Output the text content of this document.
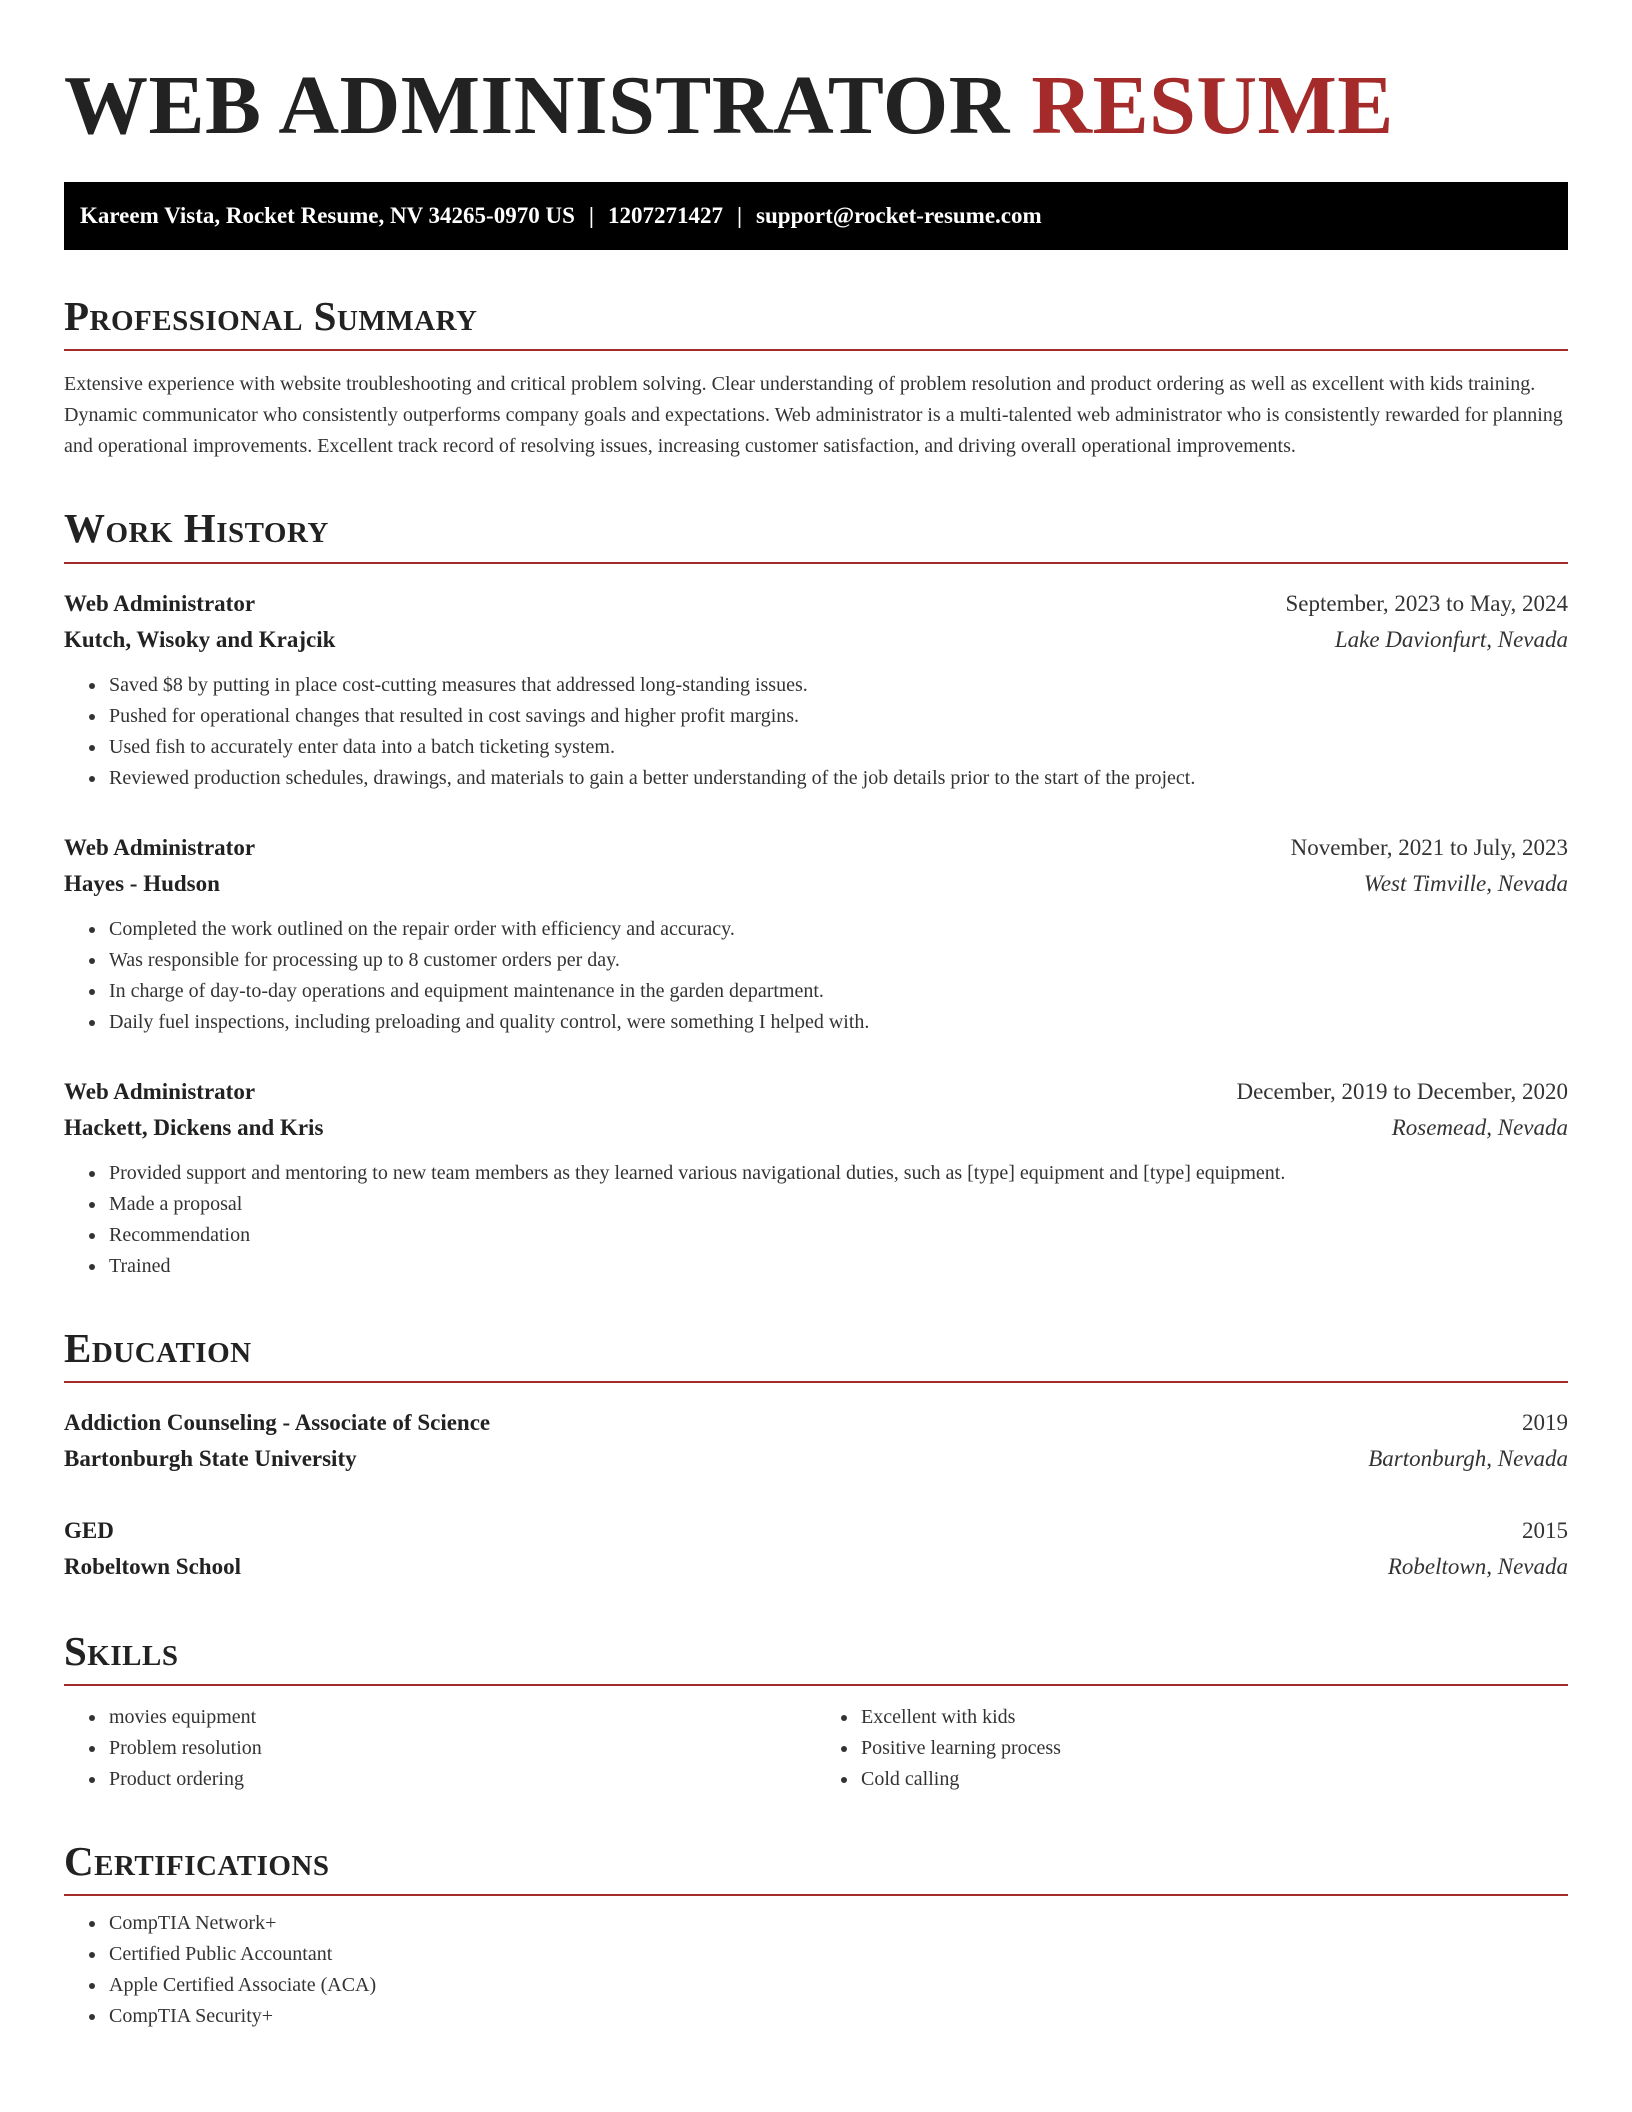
WEB ADMINISTRATOR RESUME
Kareem Vista, Rocket Resume, NV 34265-0970 US | 1207271427 | support@rocket-resume.com
Professional Summary

Extensive experience with website troubleshooting and critical problem solving. Clear understanding of problem resolution and product ordering as well as excellent with kids training. Dynamic communicator who consistently outperforms company goals and expectations. Web administrator is a multi-talented web administrator who is consistently rewarded for planning and operational improvements. Excellent track record of resolving issues, increasing customer satisfaction, and driving overall operational improvements.

Work History
Web Administrator	September, 2023 to May, 2024
Kutch, Wisoky and Krajcik	Lake Davionfurt, Nevada
• Saved $8 by putting in place cost-cutting measures that addressed long-standing issues.
• Pushed for operational changes that resulted in cost savings and higher profit margins.
• Used fish to accurately enter data into a batch ticketing system.
• Reviewed production schedules, drawings, and materials to gain a better understanding of the job details prior to the start of the project.
Web Administrator	November, 2021 to July, 2023
Hayes - Hudson	West Timville, Nevada
• Completed the work outlined on the repair order with efficiency and accuracy.
• Was responsible for processing up to 8 customer orders per day.
• In charge of day-to-day operations and equipment maintenance in the garden department.
• Daily fuel inspections, including preloading and quality control, were something I helped with.
Web Administrator	December, 2019 to December, 2020
Hackett, Dickens and Kris	Rosemead, Nevada
• Provided support and mentoring to new team members as they learned various navigational duties, such as [type] equipment and [type] equipment.
• Made a proposal
• Recommendation
• Trained
Education
Addiction Counseling - Associate of Science	2019
Bartonburgh State University	Bartonburgh, Nevada
GED	2015
Robeltown School	Robeltown, Nevada
Skills
• movies equipment
• Problem resolution
• Product ordering
• Excellent with kids
• Positive learning process
• Cold calling
Certifications
• CompTIA Network+
• Certified Public Accountant
• Apple Certified Associate (ACA)
• CompTIA Security+
